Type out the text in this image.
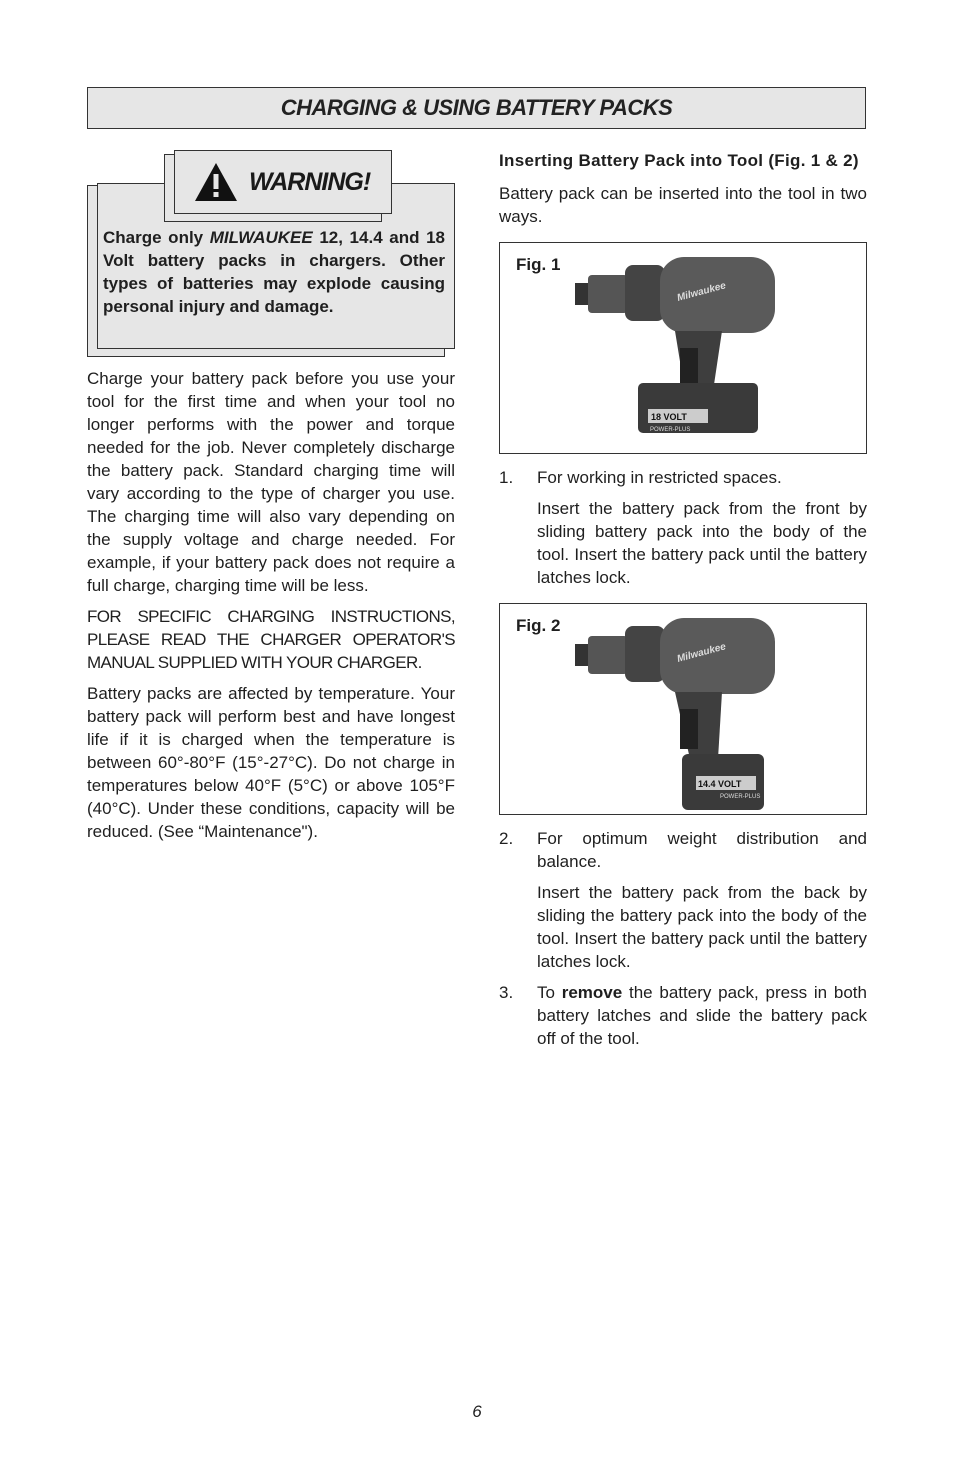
CHARGING & USING BATTERY PACKS
WARNING!
Charge only MILWAUKEE 12, 14.4 and 18 Volt battery packs in chargers. Other types of batteries may explode causing personal injury and damage.

Charge your battery pack before you use your tool for the first time and when your tool no longer performs with the power and torque needed for the job. Never completely discharge the battery pack. Standard charging time will vary according to the type of charger you use. The charging time will also vary depending on the supply voltage and charge needed. For example, if your battery pack does not require a full charge, charging time will be less.

FOR SPECIFIC CHARGING INSTRUCTIONS, PLEASE READ THE CHARGER OPERATOR'S MANUAL SUPPLIED WITH YOUR CHARGER.

Battery packs are affected by temperature. Your battery pack will perform best and have longest life if it is charged when the temperature is between 60°-80°F (15°-27°C). Do not charge in temperatures below 40°F (5°C) or above 105°F (40°C). Under these conditions, capacity will be reduced. (See “Maintenance").

Inserting Battery Pack into Tool (Fig. 1 & 2)

Battery pack can be inserted into the tool in two ways.

Fig. 1
Milwaukee
18 VOLT
POWER-PLUS
1.	For working in restricted spaces.
Insert the battery pack from the front by sliding battery pack into the body of the tool. Insert the battery pack until the battery latches lock.
Fig. 2
Milwaukee
14.4 VOLT
POWER-PLUS
2.	For optimum weight distribution and balance.
Insert the battery pack from the back by sliding the battery pack into the body of the tool. Insert the battery pack until the battery latches lock.
3.	To remove the battery pack, press in both battery latches and slide the battery pack off of the tool.
6
